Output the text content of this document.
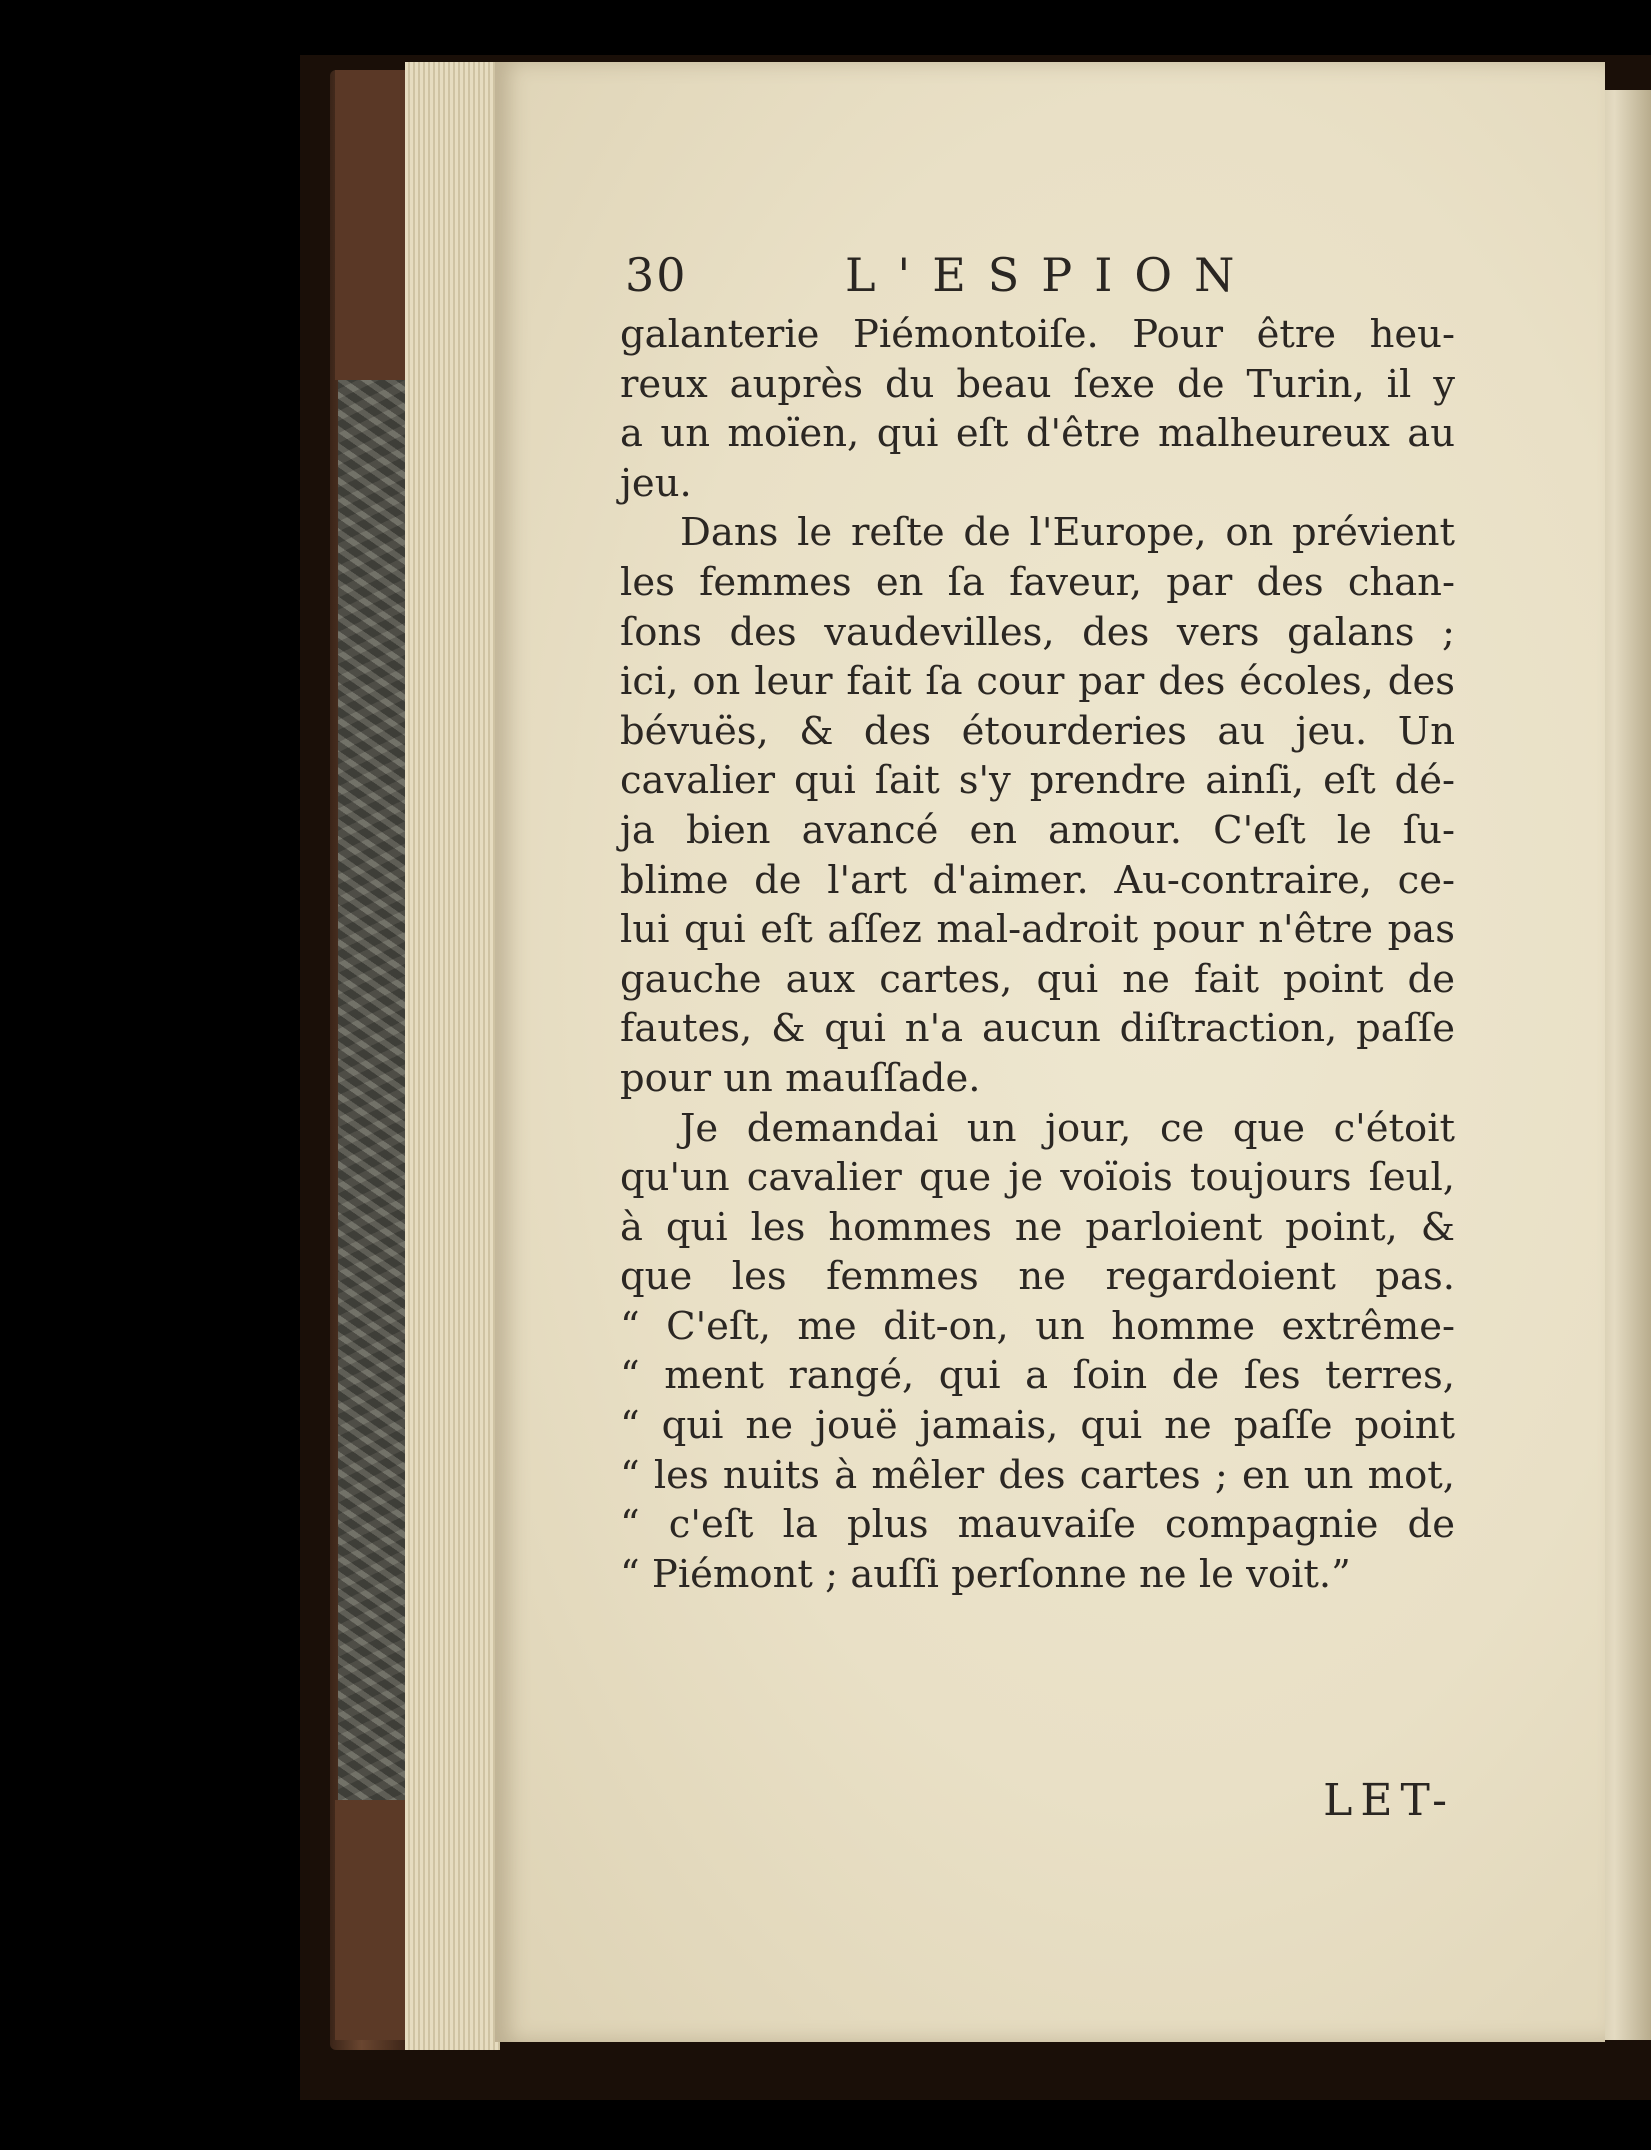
30	L'ESPION
galanterie Piémontoiſe. Pour être heu-
reux auprès du beau ſexe de Turin, il y
a un moïen, qui eſt d'être malheureux au
jeu.
Dans le reſte de l'Europe, on prévient
les femmes en ſa faveur, par des chan-
ſons des vaudevilles, des vers galans ;
ici, on leur fait ſa cour par des écoles, des
bévuës, & des étourderies au jeu. Un
cavalier qui ſait s'y prendre ainſi, eſt dé-
ja bien avancé en amour. C'eſt le ſu-
blime de l'art d'aimer. Au-contraire, ce-
lui qui eſt aſſez mal-adroit pour n'être pas
gauche aux cartes, qui ne fait point de
fautes, & qui n'a aucun diſtraction, paſſe
pour un mauſſade.
Je demandai un jour, ce que c'étoit
qu'un cavalier que je voïois toujours ſeul,
à qui les hommes ne parloient point, &
que les femmes ne regardoient pas.
“ C'eſt, me dit-on, un homme extrême-
“ ment rangé, qui a ſoin de ſes terres,
“ qui ne jouë jamais, qui ne paſſe point
“ les nuits à mêler des cartes ; en un mot,
“ c'eſt la plus mauvaiſe compagnie de
“ Piémont ; auſſi perſonne ne le voit.”
LET-
